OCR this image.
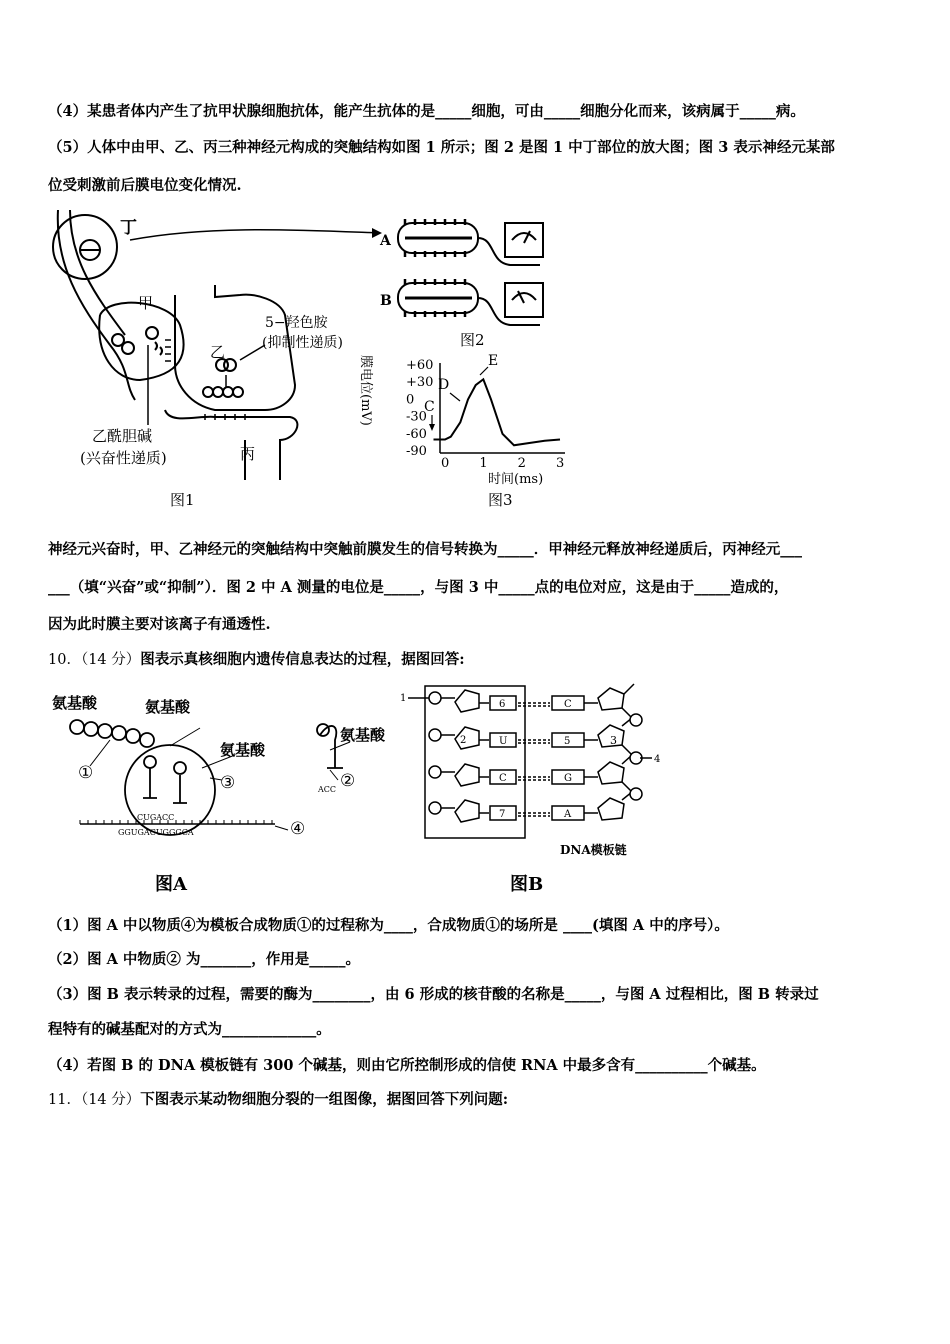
（4）某患者体内产生了抗甲状腺细胞抗体，能产生抗体的是_____细胞，可由_____细胞分化而来，该病属于_____病。
（5）人体中由甲、乙、丙三种神经元构成的突触结构如图 1 所示；图 2 是图 1 中丁部位的放大图；图 3 表示神经元某部
位受刺激前后膜电位变化情况.
丁
甲
乙
丙
5−羟色胺
(抑制性递质)
乙酰胆碱
(兴奋性递质)
图1
A
B
图2
+60
+30
0
-30
-60
-90
0 1 2 3
膜电位(mV)
时间(ms)
C
D
E
图3
神经元兴奋时，甲、乙神经元的突触结构中突触前膜发生的信号转换为_____．甲神经元释放神经递质后，丙神经元___
___（填“兴奋”或“抑制”）．图 2 中 A 测量的电位是_____，与图 3 中_____点的电位对应，这是由于_____造成的，
因为此时膜主要对该离子有通透性.
10．（14 分）图表示真核细胞内遗传信息表达的过程，据图回答:
氨基酸	氨基酸
氨基酸
氨基酸
①	②
③
④
CUGACC
GGUGACUGGGCA
ACC
图A
1
3
4
2
6
U
C
7
C
5
G
A
DNA模板链
图B
（1）图 A 中以物质④为模板合成物质①的过程称为____，合成物质①的场所是 ____(填图 A 中的序号）。
（2）图 A 中物质② 为_______，作用是_____。
（3）图 B 表示转录的过程，需要的酶为________，由 6 形成的核苷酸的名称是_____，与图 A 过程相比，图 B 转录过
程特有的碱基配对的方式为_____________。
（4）若图 B 的 DNA 模板链有 300 个碱基，则由它所控制形成的信使 RNA 中最多含有__________个碱基。
11．（14 分）下图表示某动物细胞分裂的一组图像，据图回答下列问题:
